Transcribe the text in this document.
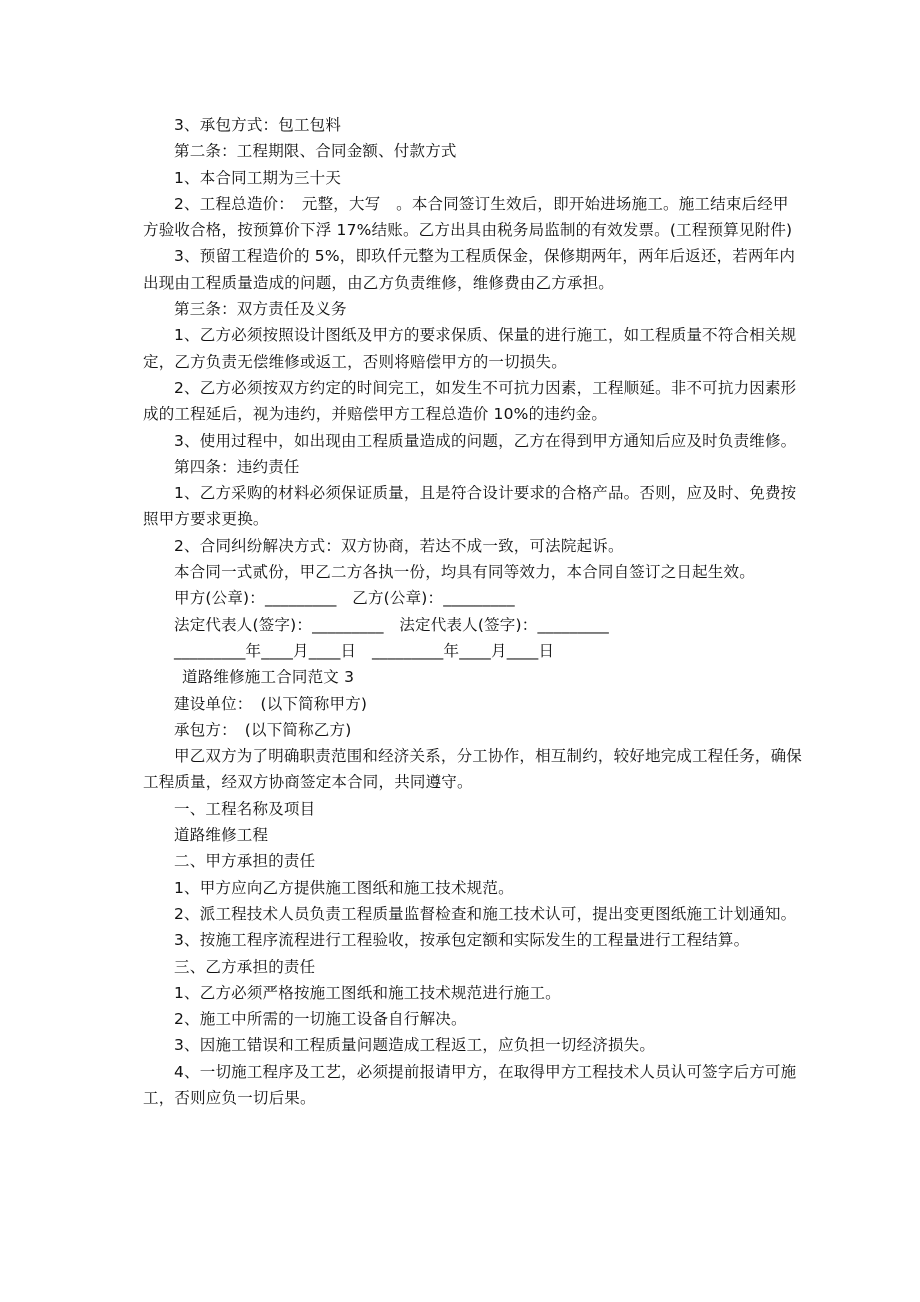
3、承包方式：包工包料

第二条：工程期限、合同金额、付款方式

1、本合同工期为三十天

2、工程总造价：　元整，大写　。本合同签订生效后，即开始进场施工。施工结束后经甲方验收合格，按预算价下浮 17%结账。乙方出具由税务局监制的有效发票。(工程预算见附件)

3、预留工程造价的 5%，即玖仟元整为工程质保金，保修期两年，两年后返还，若两年内出现由工程质量造成的问题，由乙方负责维修，维修费由乙方承担。

第三条：双方责任及义务

1、乙方必须按照设计图纸及甲方的要求保质、保量的进行施工，如工程质量不符合相关规定，乙方负责无偿维修或返工，否则将赔偿甲方的一切损失。

2、乙方必须按双方约定的时间完工，如发生不可抗力因素，工程顺延。非不可抗力因素形成的工程延后，视为违约，并赔偿甲方工程总造价 10%的违约金。

3、使用过程中，如出现由工程质量造成的问题，乙方在得到甲方通知后应及时负责维修。

第四条：违约责任

1、乙方采购的材料必须保证质量，且是符合设计要求的合格产品。否则，应及时、免费按照甲方要求更换。

2、合同纠纷解决方式：双方协商，若达不成一致，可法院起诉。

本合同一式贰份，甲乙二方各执一份，均具有同等效力，本合同自签订之日起生效。

甲方(公章)：_________　乙方(公章)：_________

法定代表人(签字)：_________　法定代表人(签字)：_________

_________年____月____日　_________年____月____日

道路维修施工合同范文 3

建设单位：　(以下简称甲方)

承包方：　(以下简称乙方)

甲乙双方为了明确职责范围和经济关系，分工协作，相互制约，较好地完成工程任务，确保工程质量，经双方协商签定本合同，共同遵守。

一、工程名称及项目

道路维修工程

二、甲方承担的责任

1、甲方应向乙方提供施工图纸和施工技术规范。

2、派工程技术人员负责工程质量监督检查和施工技术认可，提出变更图纸施工计划通知。

3、按施工程序流程进行工程验收，按承包定额和实际发生的工程量进行工程结算。

三、乙方承担的责任

1、乙方必须严格按施工图纸和施工技术规范进行施工。

2、施工中所需的一切施工设备自行解决。

3、因施工错误和工程质量问题造成工程返工，应负担一切经济损失。

4、一切施工程序及工艺，必须提前报请甲方，在取得甲方工程技术人员认可签字后方可施工，否则应负一切后果。
